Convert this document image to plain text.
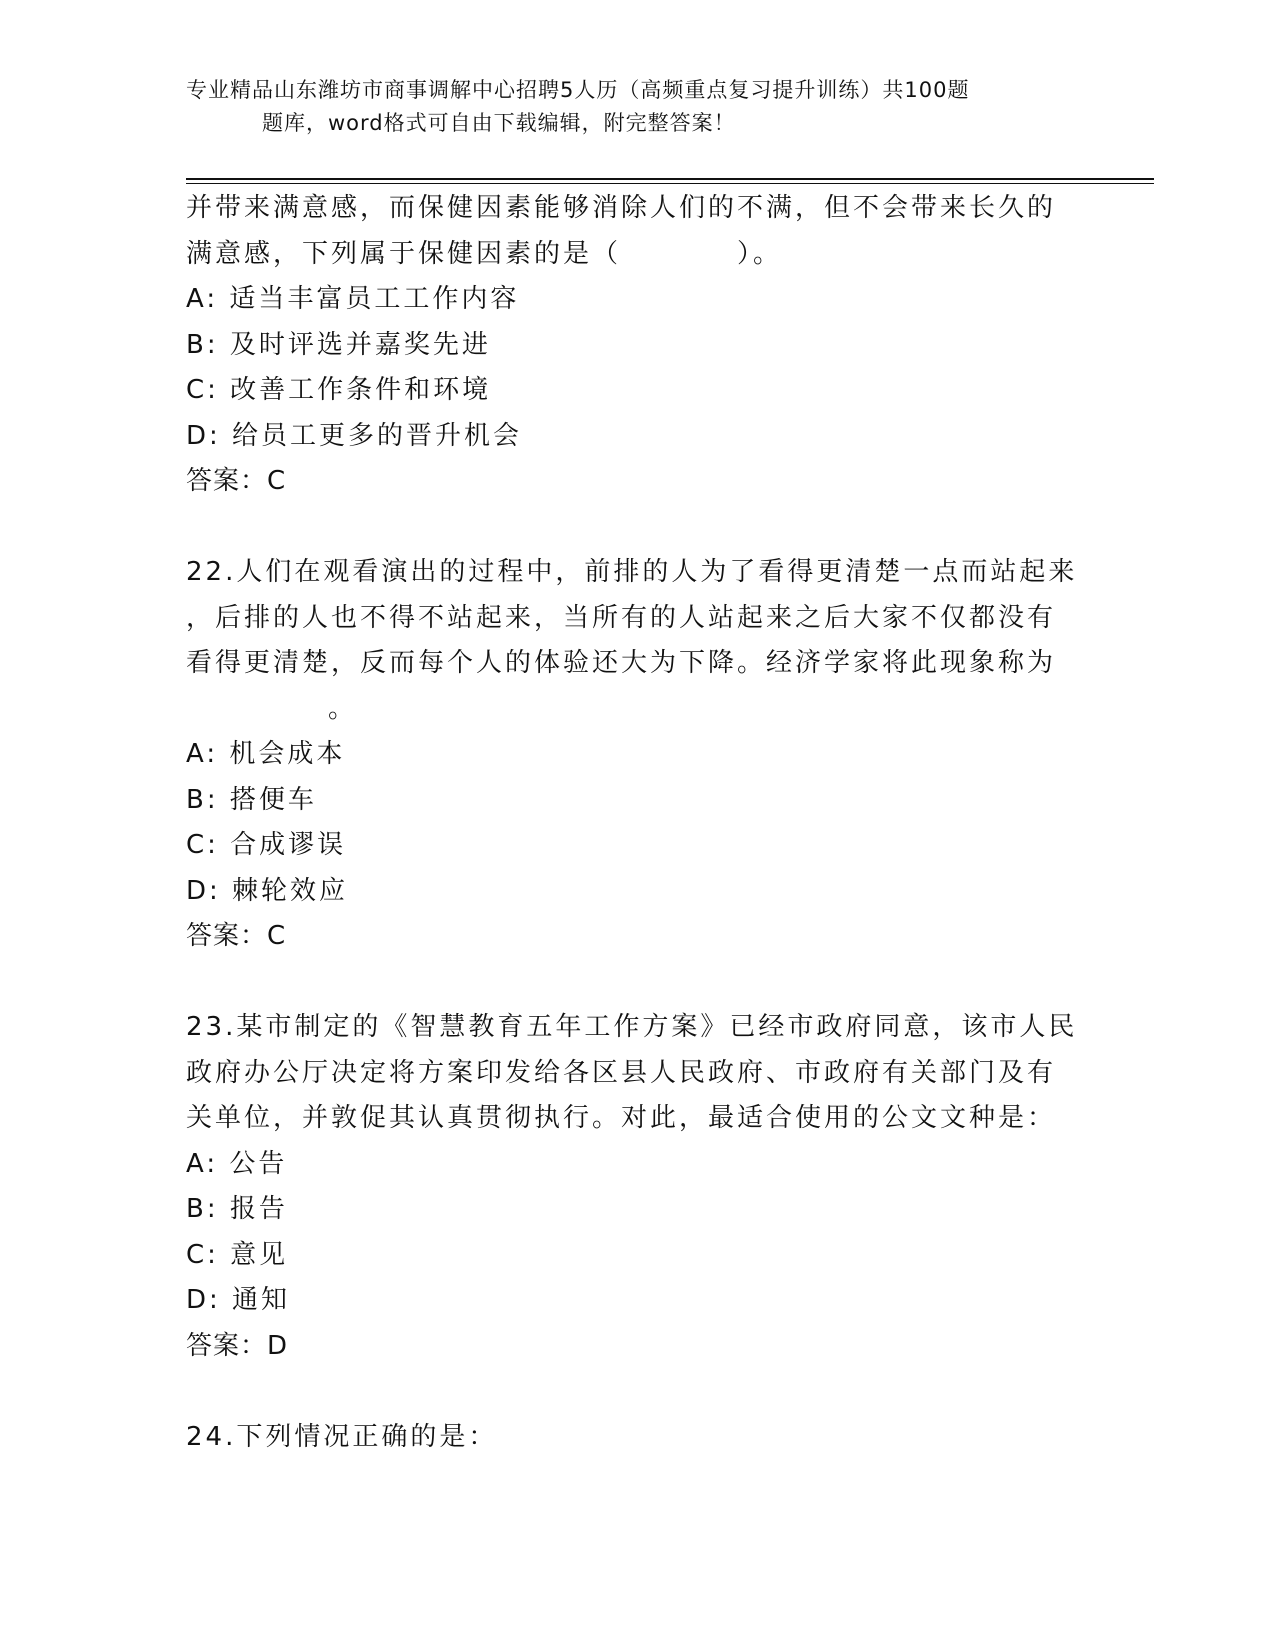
专业精品山东潍坊市商事调解中心招聘5人历（高频重点复习提升训练）共100题
题库，word格式可自由下载编辑，附完整答案！
并带来满意感，而保健因素能够消除人们的不满，但不会带来长久的
满意感，下列属于保健因素的是（　　　　）。
A: 适当丰富员工工作内容
B: 及时评选并嘉奖先进
C: 改善工作条件和环境
D: 给员工更多的晋升机会
答案：C
22.人们在观看演出的过程中，前排的人为了看得更清楚一点而站起来
，后排的人也不得不站起来，当所有的人站起来之后大家不仅都没有
看得更清楚，反而每个人的体验还大为下降。经济学家将此现象称为
。
A: 机会成本
B: 搭便车
C: 合成谬误
D: 棘轮效应
答案：C
23.某市制定的《智慧教育五年工作方案》已经市政府同意，该市人民
政府办公厅决定将方案印发给各区县人民政府、市政府有关部门及有
关单位，并敦促其认真贯彻执行。对此，最适合使用的公文文种是：
A: 公告
B: 报告
C: 意见
D: 通知
答案：D
24.下列情况正确的是：
